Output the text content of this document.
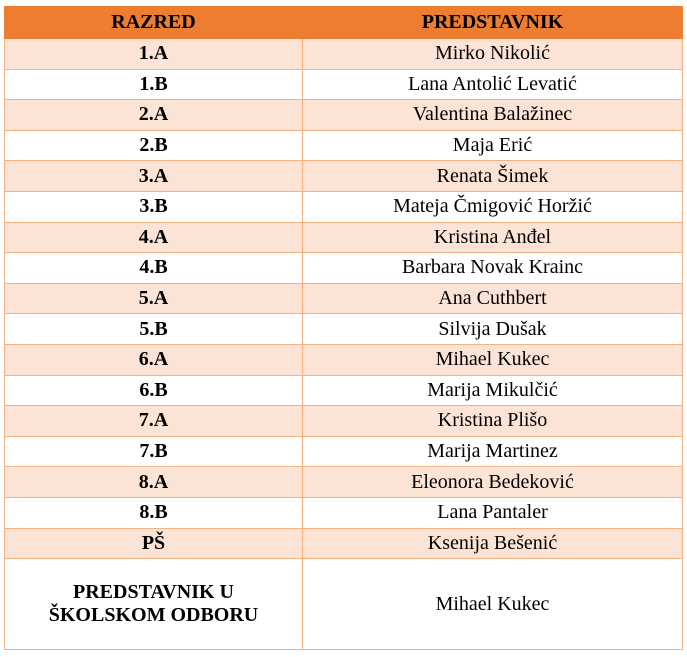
RAZRED	PREDSTAVNIK
1.A	Mirko Nikolić
1.B	Lana Antolić Levatić
2.A	Valentina Balažinec
2.B	Maja Erić
3.A	Renata Šimek
3.B	Mateja Čmigović Horžić
4.A	Kristina Anđel
4.B	Barbara Novak Krainc
5.A	Ana Cuthbert
5.B	Silvija Dušak
6.A	Mihael Kukec
6.B	Marija Mikulčić
7.A	Kristina Plišo
7.B	Marija Martinez
8.A	Eleonora Bedeković
8.B	Lana Pantaler
PŠ	Ksenija Bešenić
PREDSTAVNIK U
ŠKOLSKOM ODBORU	Mihael Kukec
